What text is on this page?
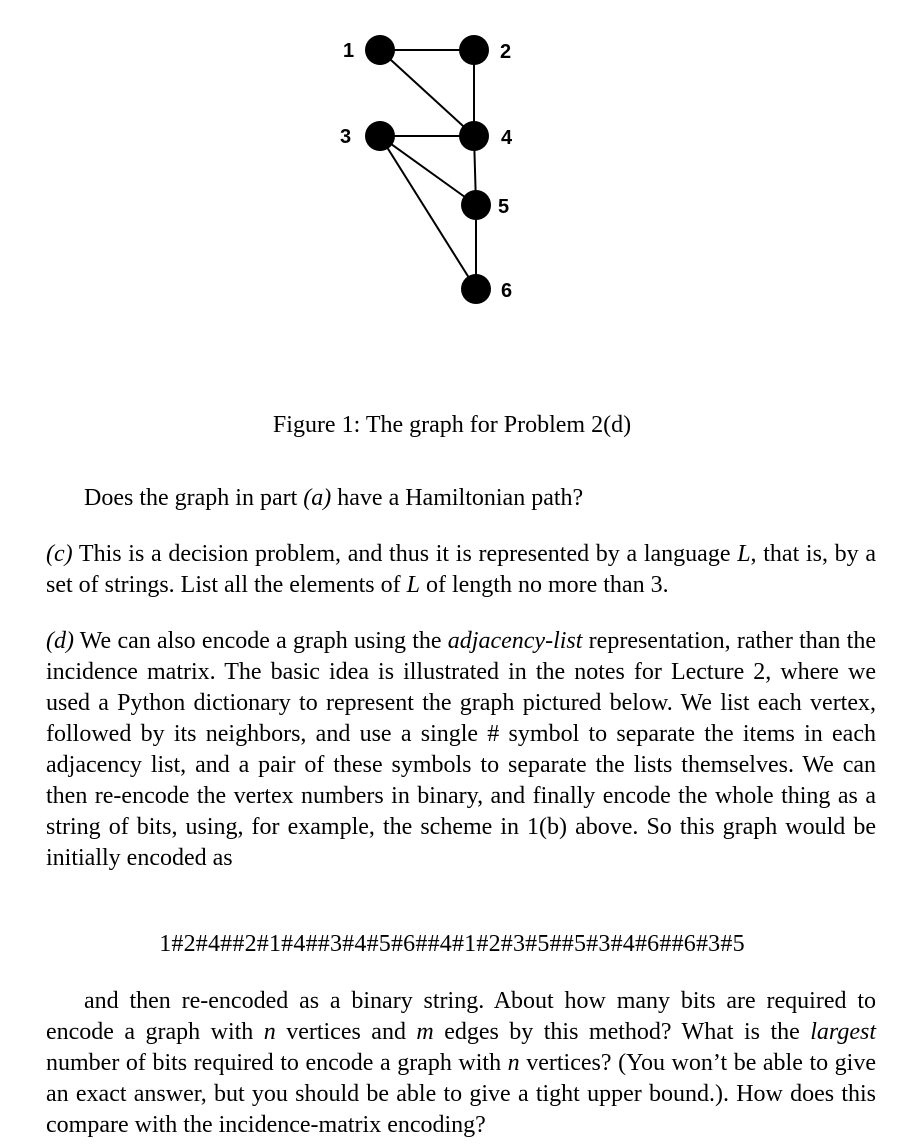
1	2
3	4
5
6
Figure 1: The graph for Problem 2(d)
Does the graph in part (a) have a Hamiltonian path?
(c) This is a decision problem, and thus it is represented by a language L, that is, by a set of strings. List all the elements of L of length no more than 3.
(d) We can also encode a graph using the adjacency-list representation, rather than the incidence matrix. The basic idea is illustrated in the notes for Lecture 2, where we used a Python dictionary to represent the graph pictured below. We list each vertex, followed by its neighbors, and use a single # symbol to separate the items in each adjacency list, and a pair of these symbols to separate the lists themselves. We can then re-encode the vertex numbers in binary, and finally encode the whole thing as a string of bits, using, for example, the scheme in 1(b) above. So this graph would be initially encoded as
1#2#4##2#1#4##3#4#5#6##4#1#2#3#5##5#3#4#6##6#3#5
and then re-encoded as a binary string. About how many bits are required to encode a graph with n vertices and m edges by this method? What is the largest number of bits required to encode a graph with n vertices? (You won’t be able to give an exact answer, but you should be able to give a tight upper bound.). How does this compare with the incidence-matrix encoding?
